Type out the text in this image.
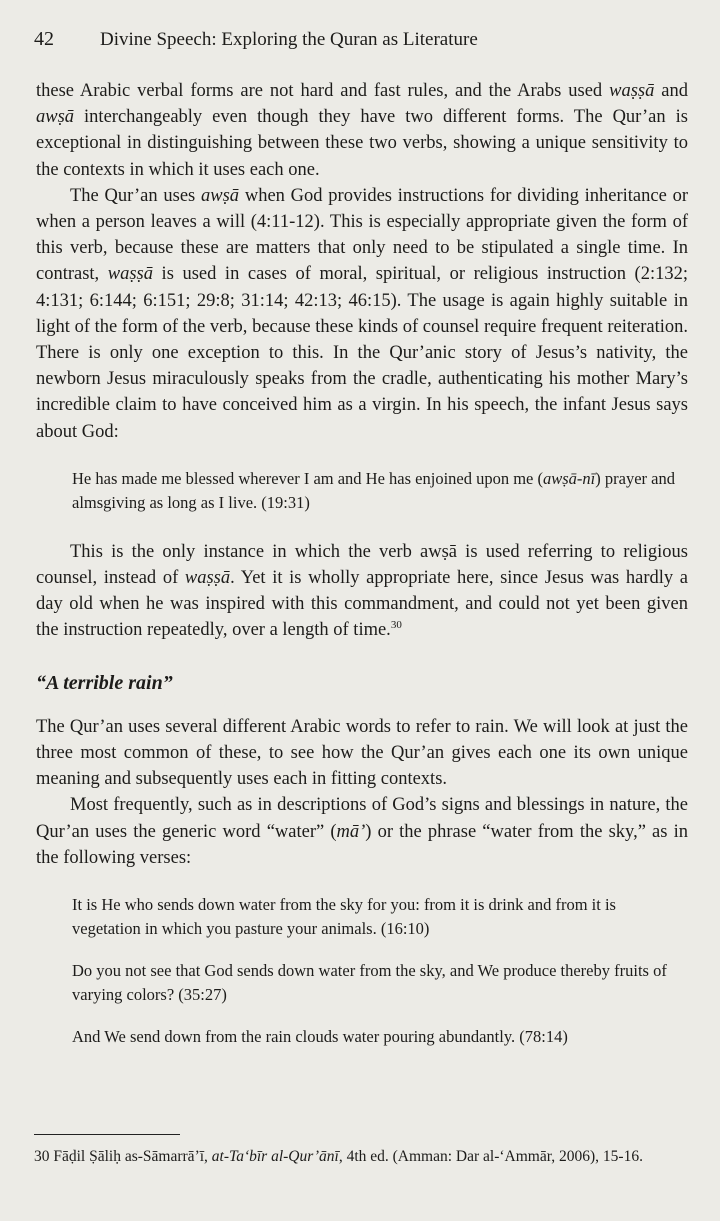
42 Divine Speech: Exploring the Quran as Literature

these Arabic verbal forms are not hard and fast rules, and the Arabs used waṣṣā and awṣā interchangeably even though they have two different forms. The Qur’an is exceptional in distinguishing between these two verbs, showing a unique sensitivity to the contexts in which it uses each one.

The Qur’an uses awṣā when God provides instructions for dividing inheritance or when a person leaves a will (4:11-12). This is especially appropriate given the form of this verb, because these are matters that only need to be stipulated a single time. In contrast, waṣṣā is used in cases of moral, spiritual, or religious instruction (2:132; 4:131; 6:144; 6:151; 29:8; 31:14; 42:13; 46:15). The usage is again highly suitable in light of the form of the verb, because these kinds of counsel require frequent reiteration. There is only one exception to this. In the Qur’anic story of Jesus’s nativity, the newborn Jesus miraculously speaks from the cradle, authenticating his mother Mary’s incredible claim to have conceived him as a virgin. In his speech, the infant Jesus says about God:

He has made me blessed wherever I am and He has enjoined upon me (awṣā-nī) prayer and almsgiving as long as I live. (19:31)

This is the only instance in which the verb awṣā is used referring to religious counsel, instead of waṣṣā. Yet it is wholly appropriate here, since Jesus was hardly a day old when he was inspired with this commandment, and could not yet been given the instruction repeatedly, over a length of time.$^{30}$

“A terrible rain”

The Qur’an uses several different Arabic words to refer to rain. We will look at just the three most common of these, to see how the Qur’an gives each one its own unique meaning and subsequently uses each in fitting contexts.

Most frequently, such as in descriptions of God’s signs and blessings in nature, the Qur’an uses the generic word “water” (mā’) or the phrase “water from the sky,” as in the following verses:

It is He who sends down water from the sky for you: from it is drink and from it is vegetation in which you pasture your animals. (16:10)

Do you not see that God sends down water from the sky, and We produce thereby fruits of varying colors? (35:27)

And We send down from the rain clouds water pouring abundantly. (78:14)

30 Fāḍil Ṣāliḥ as-Sāmarrā’ī, at-Ta‘bīr al-Qur’ānī, 4th ed. (Amman: Dar al-‘Ammār, 2006), 15-16.
